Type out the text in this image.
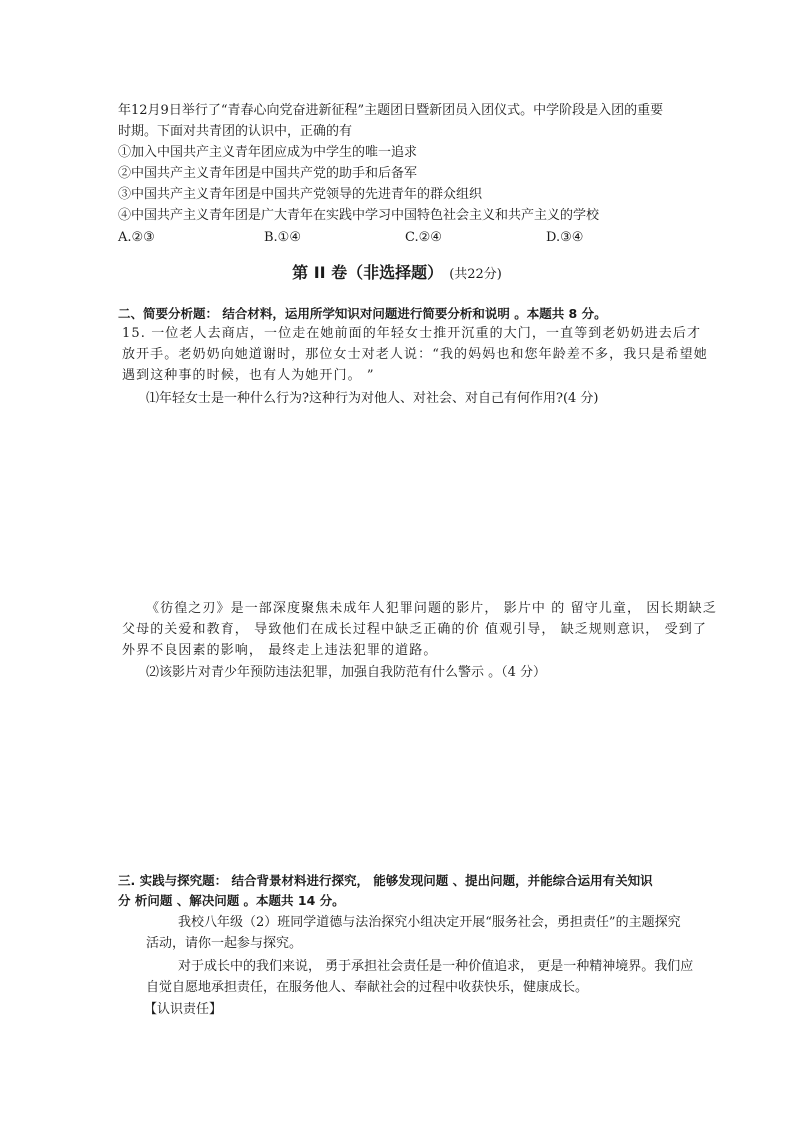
年12月9日举行了“青春心向党奋进新征程”主题团日暨新团员入团仪式。中学阶段是入团的重要
时期。下面对共青团的认识中，正确的有
①加入中国共产主义青年团应成为中学生的唯一追求
②中国共产主义青年团是中国共产党的助手和后备军
③中国共产主义青年团是中国共产党领导的先进青年的群众组织
④中国共产主义青年团是广大青年在实践中学习中国特色社会主义和共产主义的学校
A.②③	B.①④	C.②④	D.③④
第 II 卷（非选择题） (共22分)
二、简要分析题： 结合材料，运用所学知识对问题进行简要分析和说明 。本题共 8 分。
15. 一位老人去商店，一位走在她前面的年轻女士推开沉重的大门，一直等到老奶奶进去后才
放开手。老奶奶向她道谢时，那位女士对老人说：“我的妈妈也和您年龄差不多，我只是希望她
遇到这种事的时候，也有人为她开门。 ”
⑴年轻女士是一种什么行为?这种行为对他人、对社会、对自己有何作用?(4 分)
《彷徨之刃》是一部深度聚焦未成年人犯罪问题的影片， 影片中 的 留守儿童， 因长期缺乏
父母的关爱和教育， 导致他们在成长过程中缺乏正确的价 值观引导， 缺乏规则意识， 受到了
外界不良因素的影响， 最终走上违法犯罪的道路。
⑵该影片对青少年预防违法犯罪，加强自我防范有什么警示 。（4 分）
三. 实践与探究题： 结合背景材料进行探究， 能够发现问题 、提出问题，并能综合运用有关知识
分 析问题 、解决问题 。本题共 14 分。
我校八年级（2）班同学道德与法治探究小组决定开展“服务社会，勇担责任”的主题探究
活动，请你一起参与探究。
对于成长中的我们来说， 勇于承担社会责任是一种价值追求， 更是一种精神境界。我们应
自觉自愿地承担责任，在服务他人、奉献社会的过程中收获快乐，健康成长。
【认识责任】
